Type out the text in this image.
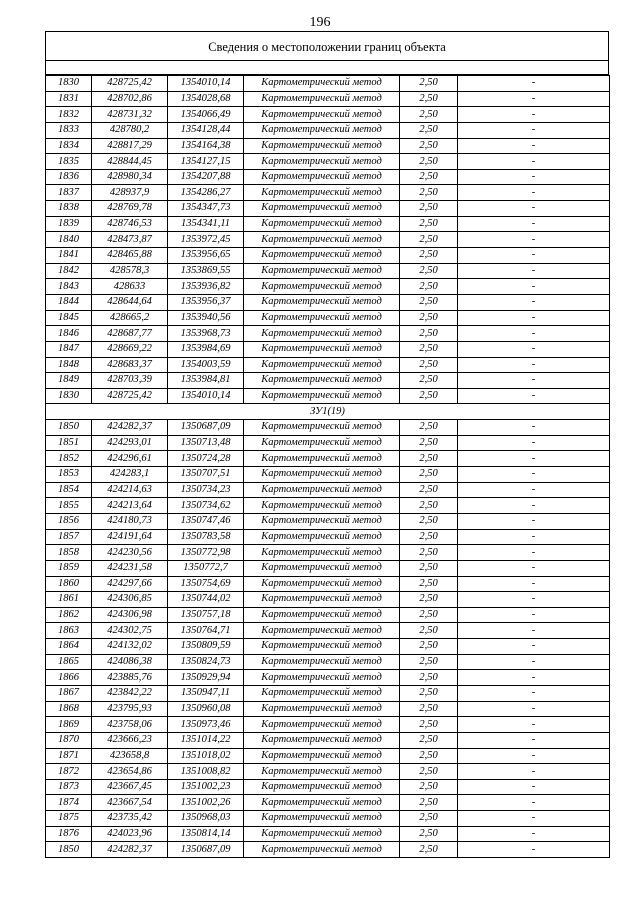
196
Сведения о местоположении границ объекта
1830	428725,42	1354010,14	Картометрический метод	2,50	-
1831	428702,86	1354028,68	Картометрический метод	2,50	-
1832	428731,32	1354066,49	Картометрический метод	2,50	-
1833	428780,2	1354128,44	Картометрический метод	2,50	-
1834	428817,29	1354164,38	Картометрический метод	2,50	-
1835	428844,45	1354127,15	Картометрический метод	2,50	-
1836	428980,34	1354207,88	Картометрический метод	2,50	-
1837	428937,9	1354286,27	Картометрический метод	2,50	-
1838	428769,78	1354347,73	Картометрический метод	2,50	-
1839	428746,53	1354341,11	Картометрический метод	2,50	-
1840	428473,87	1353972,45	Картометрический метод	2,50	-
1841	428465,88	1353956,65	Картометрический метод	2,50	-
1842	428578,3	1353869,55	Картометрический метод	2,50	-
1843	428633	1353936,82	Картометрический метод	2,50	-
1844	428644,64	1353956,37	Картометрический метод	2,50	-
1845	428665,2	1353940,56	Картометрический метод	2,50	-
1846	428687,77	1353968,73	Картометрический метод	2,50	-
1847	428669,22	1353984,69	Картометрический метод	2,50	-
1848	428683,37	1354003,59	Картометрический метод	2,50	-
1849	428703,39	1353984,81	Картометрический метод	2,50	-
1830	428725,42	1354010,14	Картометрический метод	2,50	-
ЗУ1(19)					
1850	424282,37	1350687,09	Картометрический метод	2,50	-
1851	424293,01	1350713,48	Картометрический метод	2,50	-
1852	424296,61	1350724,28	Картометрический метод	2,50	-
1853	424283,1	1350707,51	Картометрический метод	2,50	-
1854	424214,63	1350734,23	Картометрический метод	2,50	-
1855	424213,64	1350734,62	Картометрический метод	2,50	-
1856	424180,73	1350747,46	Картометрический метод	2,50	-
1857	424191,64	1350783,58	Картометрический метод	2,50	-
1858	424230,56	1350772,98	Картометрический метод	2,50	-
1859	424231,58	1350772,7	Картометрический метод	2,50	-
1860	424297,66	1350754,69	Картометрический метод	2,50	-
1861	424306,85	1350744,02	Картометрический метод	2,50	-
1862	424306,98	1350757,18	Картометрический метод	2,50	-
1863	424302,75	1350764,71	Картометрический метод	2,50	-
1864	424132,02	1350809,59	Картометрический метод	2,50	-
1865	424086,38	1350824,73	Картометрический метод	2,50	-
1866	423885,76	1350929,94	Картометрический метод	2,50	-
1867	423842,22	1350947,11	Картометрический метод	2,50	-
1868	423795,93	1350960,08	Картометрический метод	2,50	-
1869	423758,06	1350973,46	Картометрический метод	2,50	-
1870	423666,23	1351014,22	Картометрический метод	2,50	-
1871	423658,8	1351018,02	Картометрический метод	2,50	-
1872	423654,86	1351008,82	Картометрический метод	2,50	-
1873	423667,45	1351002,23	Картометрический метод	2,50	-
1874	423667,54	1351002,26	Картометрический метод	2,50	-
1875	423735,42	1350968,03	Картометрический метод	2,50	-
1876	424023,96	1350814,14	Картометрический метод	2,50	-
1850	424282,37	1350687,09	Картометрический метод	2,50	-
